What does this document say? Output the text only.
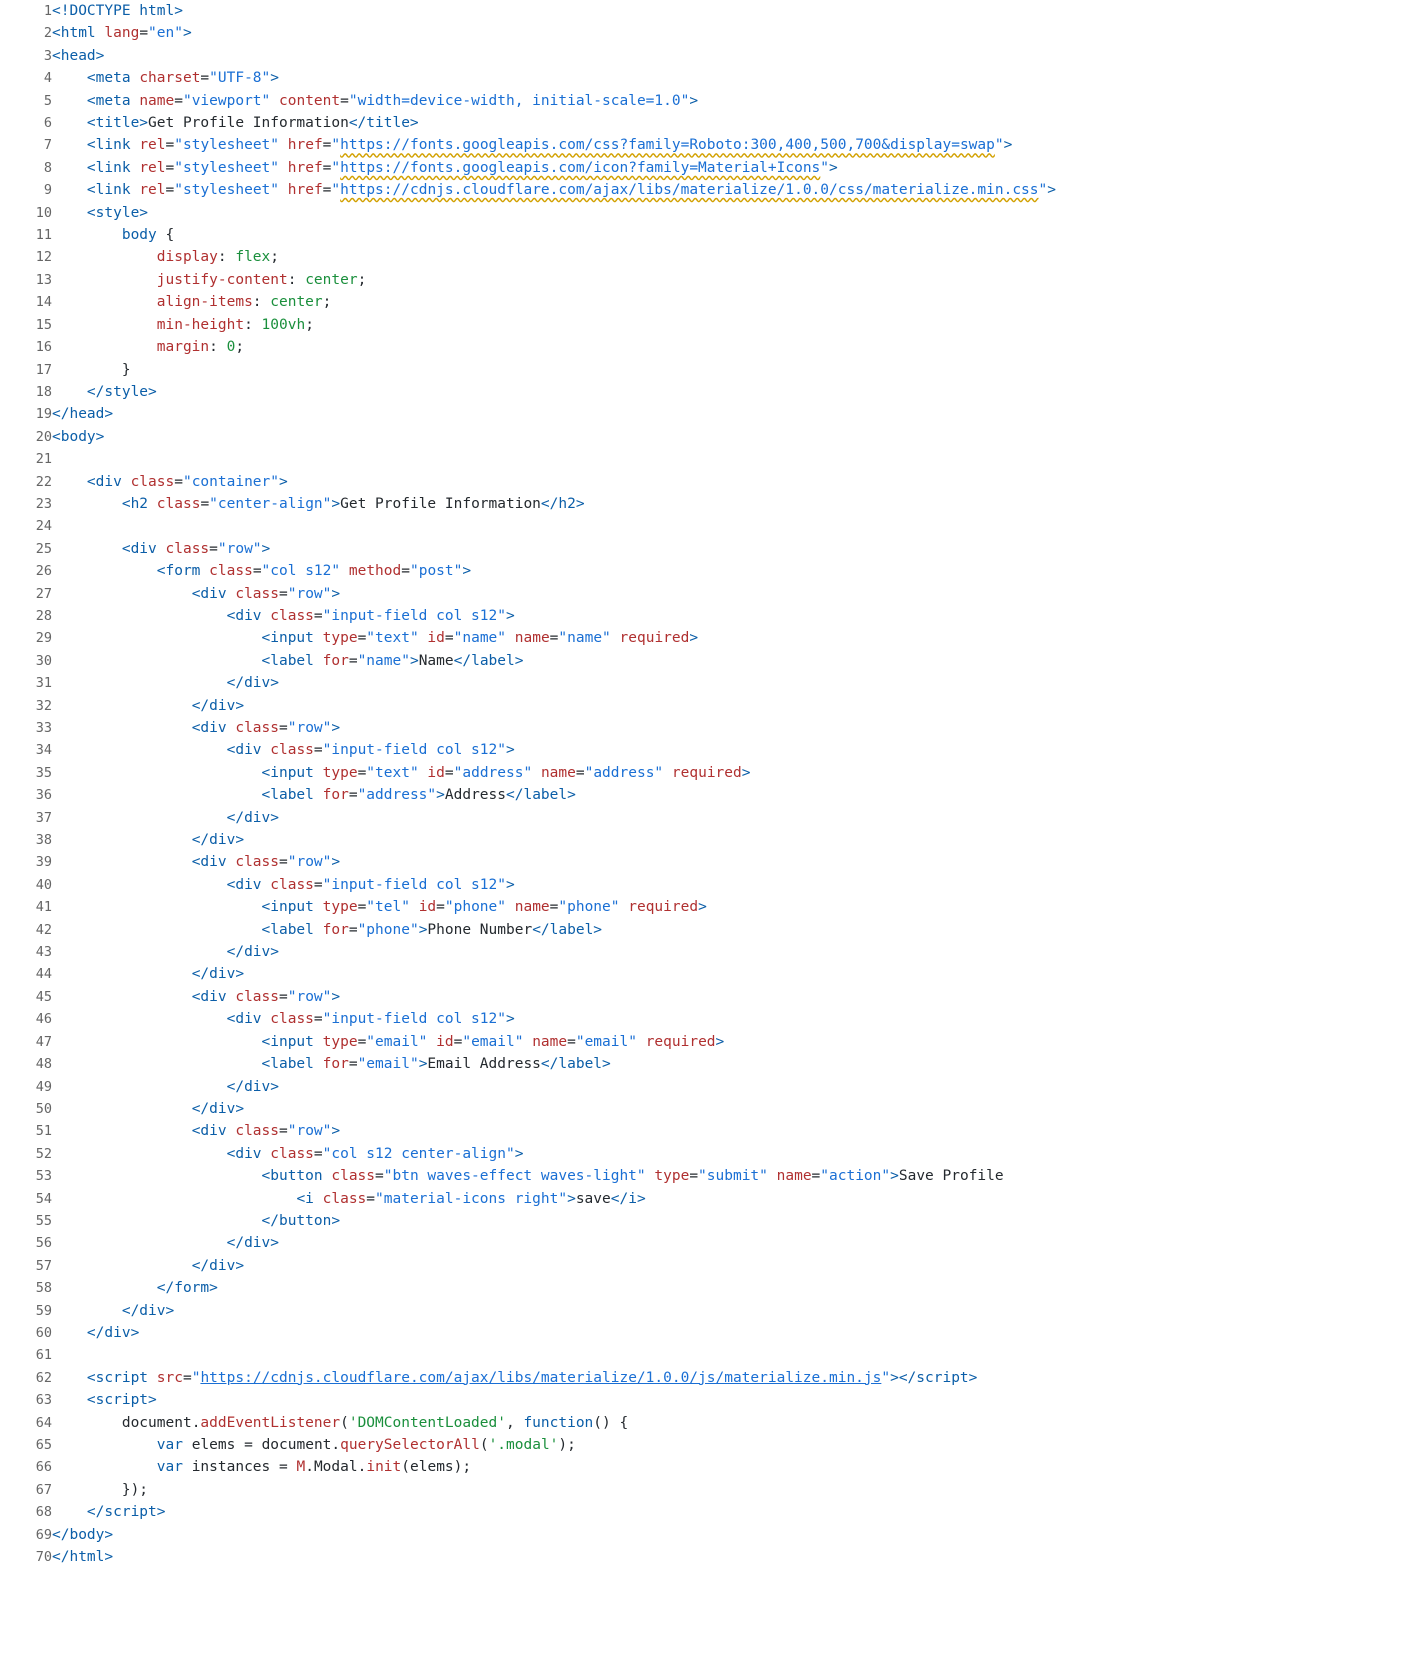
1	<!DOCTYPE html>
2	<html lang="en">
3	<head>
4	<meta charset="UTF-8">
5	<meta name="viewport" content="width=device-width, initial-scale=1.0">
6	<title>Get Profile Information</title>
7	<link rel="stylesheet" href="https://fonts.googleapis.com/css?family=Roboto:300,400,500,700&display=swap">
8	<link rel="stylesheet" href="https://fonts.googleapis.com/icon?family=Material+Icons">
9	<link rel="stylesheet" href="https://cdnjs.cloudflare.com/ajax/libs/materialize/1.0.0/css/materialize.min.css">
10	<style>
11	body {
12	display: flex;
13	justify-content: center;
14	align-items: center;
15	min-height: 100vh;
16	margin: 0;
17	}
18	</style>
19	</head>
20	<body>
21	
22	<div class="container">
23	<h2 class="center-align">Get Profile Information</h2>
24	
25	<div class="row">
26	<form class="col s12" method="post">
27	<div class="row">
28	<div class="input-field col s12">
29	<input type="text" id="name" name="name" required>
30	<label for="name">Name</label>
31	</div>
32	</div>
33	<div class="row">
34	<div class="input-field col s12">
35	<input type="text" id="address" name="address" required>
36	<label for="address">Address</label>
37	</div>
38	</div>
39	<div class="row">
40	<div class="input-field col s12">
41	<input type="tel" id="phone" name="phone" required>
42	<label for="phone">Phone Number</label>
43	</div>
44	</div>
45	<div class="row">
46	<div class="input-field col s12">
47	<input type="email" id="email" name="email" required>
48	<label for="email">Email Address</label>
49	</div>
50	</div>
51	<div class="row">
52	<div class="col s12 center-align">
53	<button class="btn waves-effect waves-light" type="submit" name="action">Save Profile
54	<i class="material-icons right">save</i>
55	</button>
56	</div>
57	</div>
58	</form>
59	</div>
60	</div>
61	
62	<script src="https://cdnjs.cloudflare.com/ajax/libs/materialize/1.0.0/js/materialize.min.js"></script>
63	<script>
64	document.addEventListener('DOMContentLoaded', function() {
65	var elems = document.querySelectorAll('.modal');
66	var instances = M.Modal.init(elems);
67	});
68	</script>
69	</body>
70	</html>
